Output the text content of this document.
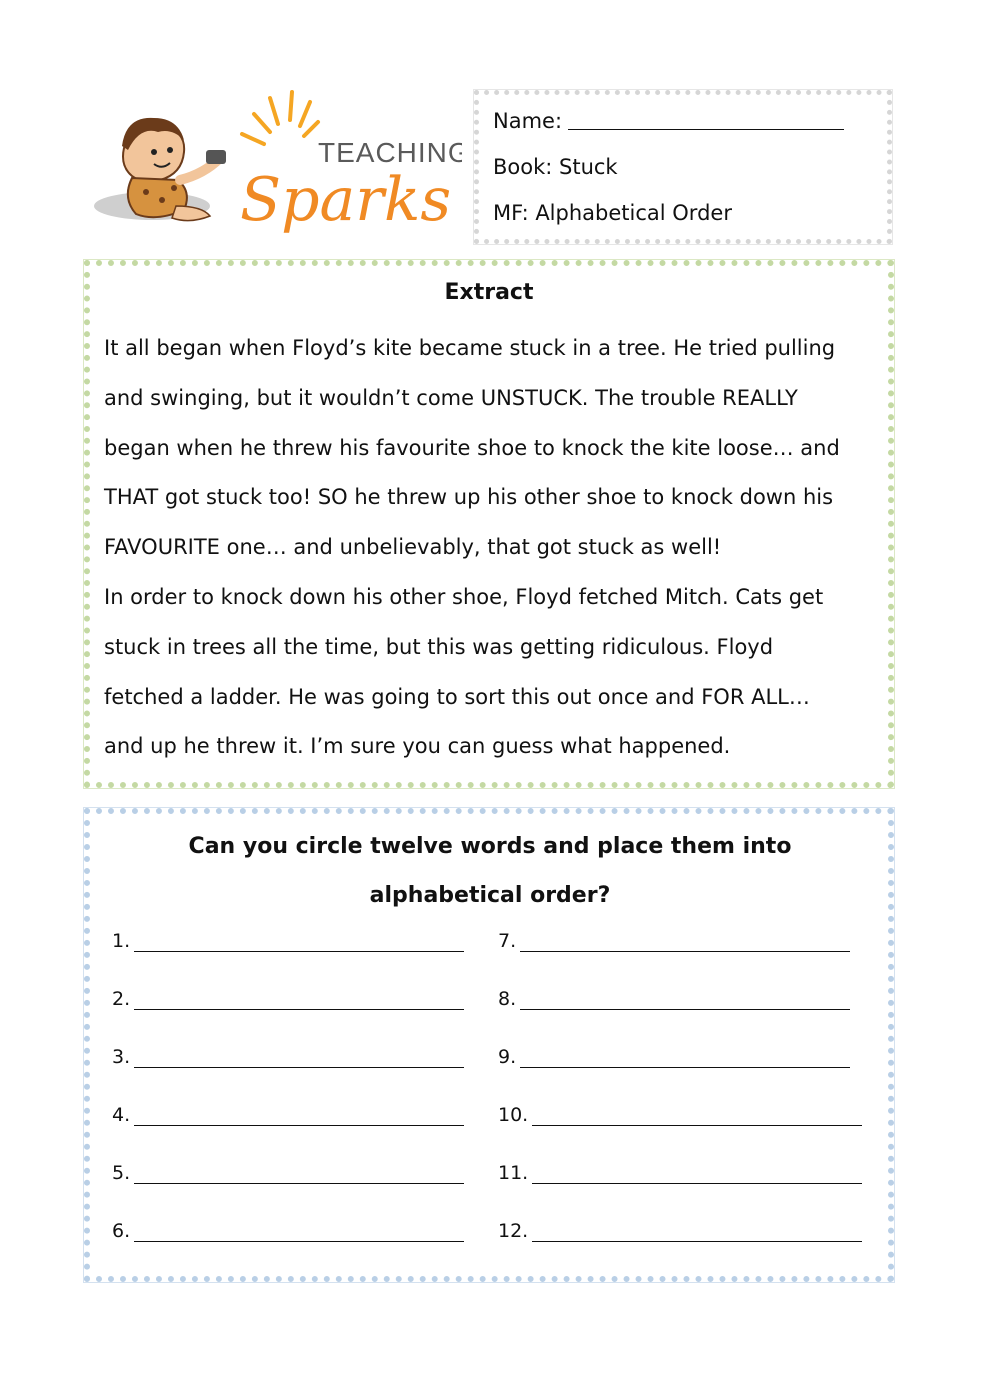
TEACHING
Sparks
Name:
Book: Stuck
MF: Alphabetical Order
Extract
It all began when Floyd’s kite became stuck in a tree. He tried pulling
and swinging, but it wouldn’t come UNSTUCK. The trouble REALLY
began when he threw his favourite shoe to knock the kite loose… and
THAT got stuck too! SO he threw up his other shoe to knock down his
FAVOURITE one… and unbelievably, that got stuck as well!
In order to knock down his other shoe, Floyd fetched Mitch. Cats get
stuck in trees all the time, but this was getting ridiculous. Floyd
fetched a ladder. He was going to sort this out once and FOR ALL…
and up he threw it. I’m sure you can guess what happened.
Can you circle twelve words and place them into alphabetical order?
1.
2.
3.
4.
5.
6.
7.
8.
9.
10.
11.
12.
